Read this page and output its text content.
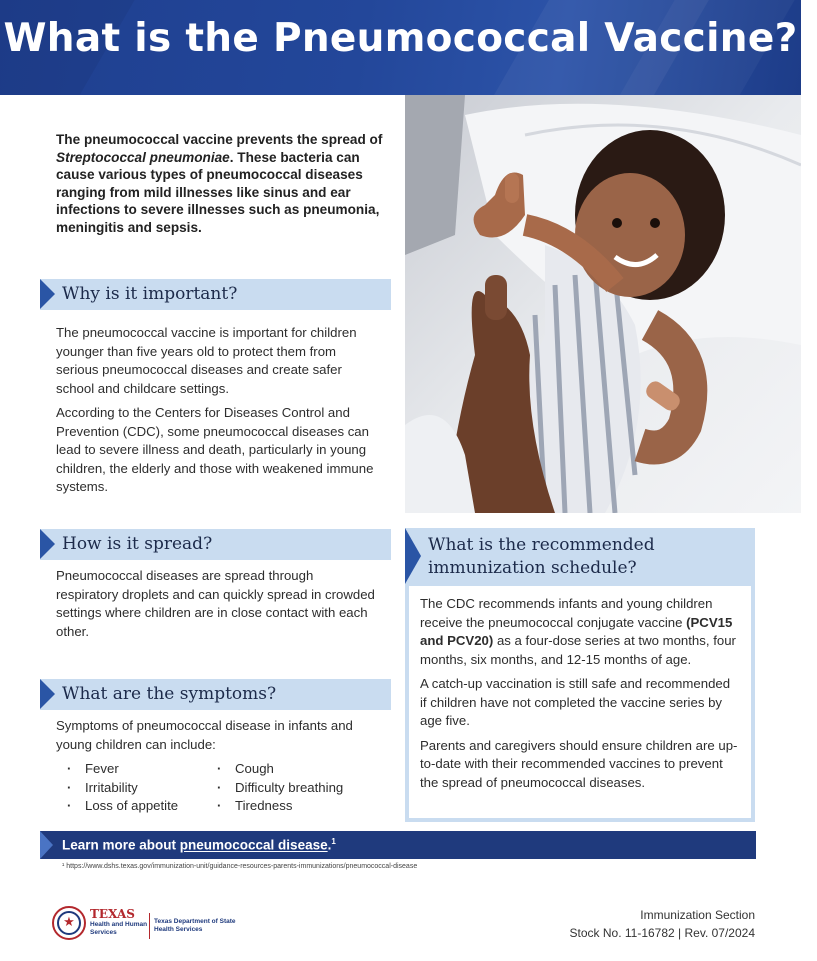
What is the Pneumococcal Vaccine?
The pneumococcal vaccine prevents the spread of Streptococcal pneumoniae. These bacteria can cause various types of pneumococcal diseases ranging from mild illnesses like sinus and ear infections to severe illnesses such as pneumonia, meningitis and sepsis.
Why is it important?

The pneumococcal vaccine is important for children younger than five years old to protect them from serious pneumococcal diseases and create safer school and childcare settings.

According to the Centers for Diseases Control and Prevention (CDC), some pneumococcal diseases can lead to severe illness and death, particularly in young children, the elderly and those with weakened immune systems.

How is it spread?

Pneumococcal diseases are spread through respiratory droplets and can quickly spread in crowded settings where children are in close contact with each other.

What are the symptoms?

Symptoms of pneumococcal disease in infants and young children can include:

· Fever	· Cough
· Irritability	· Difficulty breathing
· Loss of appetite	· Tiredness
What is the recommended immunization schedule?

The CDC recommends infants and young children receive the pneumococcal conjugate vaccine (PCV15 and PCV20) as a four-dose series at two months, four months, six months, and 12-15 months of age.

A catch-up vaccination is still safe and recommended if children have not completed the vaccine series by age five.

Parents and caregivers should ensure children are up-to-date with their recommended vaccines to prevent the spread of pneumococcal diseases.

Learn more about pneumococcal disease.$^1$
¹ https://www.dshs.texas.gov/immunization-unit/guidance-resources-parents-immunizations/pneumococcal-disease
★	TEXAS
Health and Human Services
Texas Department of State Health Services
Immunization Section
Stock No. 11-16782 | Rev. 07/2024
